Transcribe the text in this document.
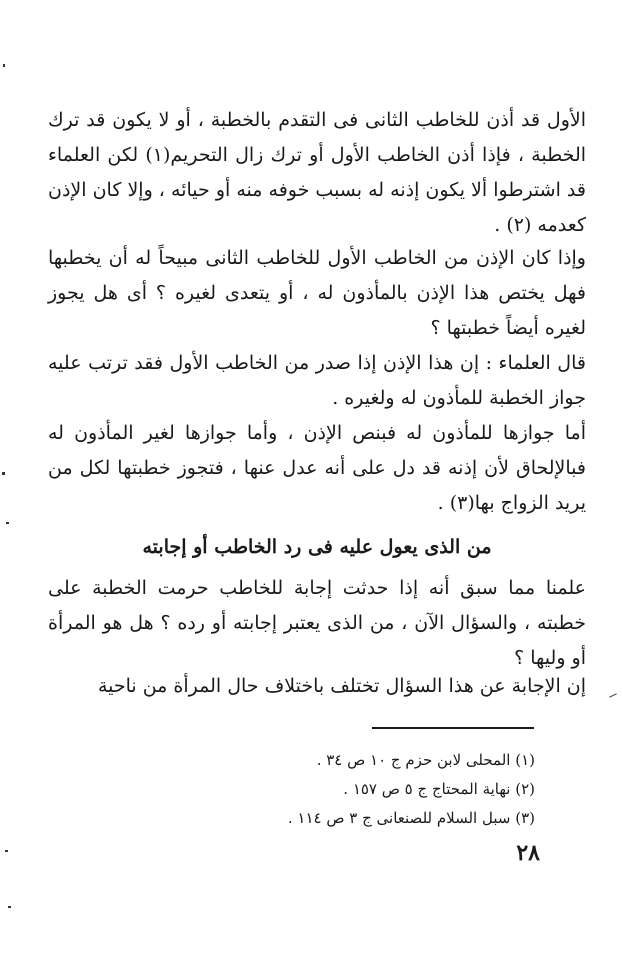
الأول قد أذن للخاطب الثانى فى التقدم بالخطبة ، أو لا يكون قد ترك الخطبة ، فإذا أذن الخاطب الأول أو ترك زال التحريم(١) لكن العلماء قد اشترطوا ألا يكون إذنه له بسبب خوفه منه أو حيائه ، وإلا كان الإذن كعدمه (٢) .

وإذا كان الإذن من الخاطب الأول للخاطب الثانى مبيحاً له أن يخطبها فهل يختص هذا الإذن بالمأذون له ، أو يتعدى لغيره ؟ أى هل يجوز لغيره أيضاً خطبتها ؟

قال العلماء : إن هذا الإذن إذا صدر من الخاطب الأول فقد ترتب عليه جواز الخطبة للمأذون له ولغيره .

أما جوازها للمأذون له فبنص الإذن ، وأما جوازها لغير المأذون له فبالإلحاق لأن إذنه قد دل على أنه عدل عنها ، فتجوز خطبتها لكل من يريد الزواج بها(٣) .

من الذى يعول عليه فى رد الخاطب أو إجابته

علمنا مما سبق أنه إذا حدثت إجابة للخاطب حرمت الخطبة على خطبته ، والسؤال الآن ، من الذى يعتبر إجابته أو رده ؟ هل هو المرأة أو وليها ؟

إن الإجابة عن هذا السؤال تختلف باختلاف حال المرأة من ناحية

(١) المحلى لابن حزم ج ١٠ ص ٣٤ .
(٢) نهاية المحتاج ج ٥ ص ١٥٧ .
(٣) سبل السلام للصنعانى ج ٣ ص ١١٤ .
٢٨
